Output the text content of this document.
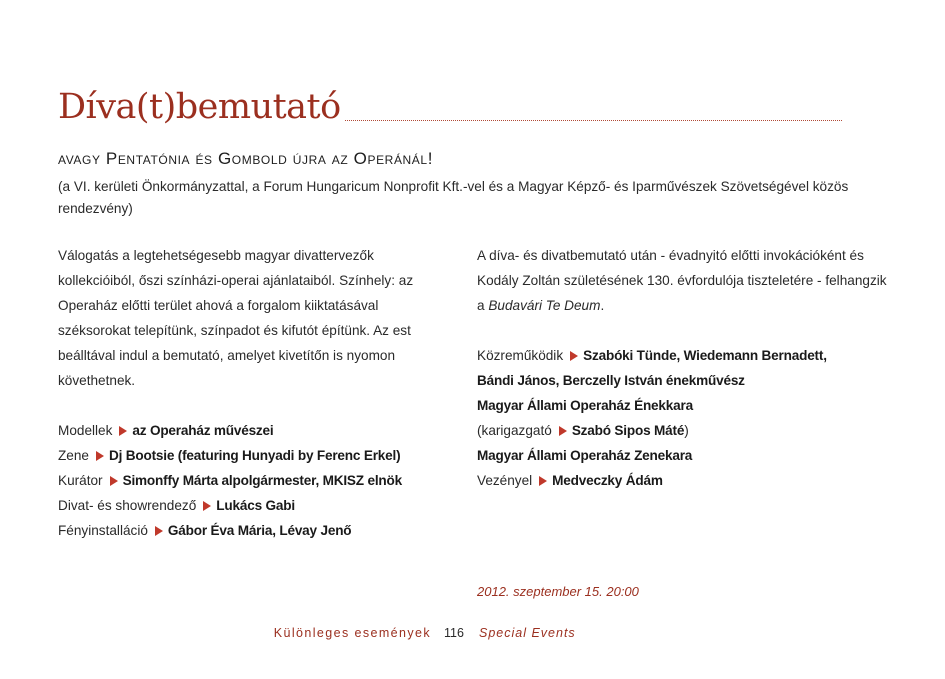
Díva(t)bemutató
avagy Pentatónia és Gombold újra az Operánál!
(a VI. kerületi Önkormányzattal, a Forum Hungaricum Nonprofit Kft.-vel és a Magyar Képző- és Iparművészek Szövetségével közös rendezvény)

Válogatás a legtehetségesebb magyar divattervezők kollekcióiból, őszi színházi-operai ajánlataiból. Színhely: az Operaház előtti terület ahová a forgalom kiiktatásával széksorokat telepítünk, színpadot és kifutót építünk. Az est beálltával indul a bemutató, amelyet kivetítőn is nyomon követhetnek.

Modellek az Operaház művészei
Zene Dj Bootsie (featuring Hunyadi by Ferenc Erkel)
Kurátor Simonffy Márta alpolgármester, MKISZ elnök
Divat- és showrendező Lukács Gabi
Fényinstalláció Gábor Éva Mária, Lévay Jenő

A díva- és divatbemutató után - évadnyitó előtti invokációként és Kodály Zoltán születésének 130. évfordulója tiszteletére - felhangzik a Budavári Te Deum.

Közreműködik Szabóki Tünde, Wiedemann Bernadett,
Bándi János, Berczelly István énekművész
Magyar Állami Operaház Énekkara
(karigazgató Szabó Sipos Máté)
Magyar Állami Operaház Zenekara
Vezényel Medveczky Ádám
2012. szeptember 15. 20:00
Különleges események 116 Special Events
